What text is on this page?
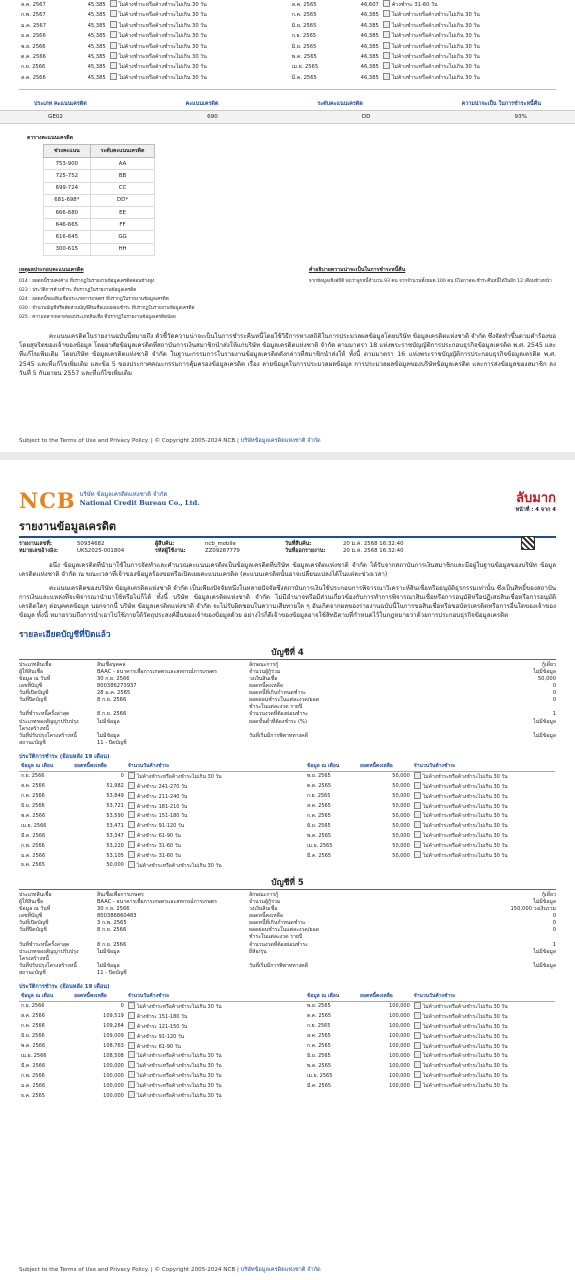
ส.ค. 2567	45,385	ไม่ค้างชำระหรือค้างชำระไม่เกิน 30 วัน		ส.ค. 2565	46,607	ค้างชำระ 31-60 วัน
ก.พ. 2567	45,385	ไม่ค้างชำระหรือค้างชำระไม่เกิน 30 วัน		ก.ค. 2565	46,385	ไม่ค้างชำระหรือค้างชำระไม่เกิน 30 วัน
ม.ค. 2567	45,385	ไม่ค้างชำระหรือค้างชำระไม่เกิน 30 วัน		มิ.ย. 2565	46,385	ไม่ค้างชำระหรือค้างชำระไม่เกิน 30 วัน
ธ.ค. 2566	45,385	ไม่ค้างชำระหรือค้างชำระไม่เกิน 30 วัน		ก.ย. 2565	46,385	ไม่ค้างชำระหรือค้างชำระไม่เกิน 30 วัน
พ.ย. 2566	45,385	ไม่ค้างชำระหรือค้างชำระไม่เกิน 30 วัน		มิ.ย. 2565	46,385	ไม่ค้างชำระหรือค้างชำระไม่เกิน 30 วัน
ต.ค. 2566	45,385	ไม่ค้างชำระหรือค้างชำระไม่เกิน 30 วัน		พ.ค. 2565	46,385	ไม่ค้างชำระหรือค้างชำระไม่เกิน 30 วัน
ก.ย. 2566	45,385	ไม่ค้างชำระหรือค้างชำระไม่เกิน 30 วัน		เม.ย. 2565	46,385	ไม่ค้างชำระหรือค้างชำระไม่เกิน 30 วัน
ส.ค. 2566	45,385	ไม่ค้างชำระหรือค้างชำระไม่เกิน 30 วัน		มี.ค. 2565	46,385	ไม่ค้างชำระหรือค้างชำระไม่เกิน 30 วัน
ประเภท คะแนนเครดิต	คะแนนเครดิต	ระดับคะแนนเครดิต	ความน่าจะเป็น ในการชำระหนี้คืน
GE02	690	DD	93%
ตารางคะแนนเครดิต
ช่วงคะแนน	ระดับคะแนนเครดิต
753-900	AA
725-752	BB
699-724	CC
681-698*	DD*
666-680	EE
646-665	FF
616-645	GG
300-615	HH
เหตุผลประกอบคะแนนเครดิต
014 : ยอดหนี้รวมคงค้าง ที่ปรากฏในรายงานข้อมูลเครดิตค่อนข้างสูง
023 : ประวัติการค้างชำระ ที่ปรากฏในรายงานข้อมูลเครดิต
024 : ยอดหนี้ของสินเชื่อประเภทการเกษตร ที่ปรากฏในรายงานข้อมูลเครดิต
030 : จำนวนบัญชีหรือสัดส่วนบัญชีสินเชื่อแบบผ่อนชำระ ที่ปรากฏในรายงานข้อมูลเครดิต
025 : ความหลากหลายของประเภทสินเชื่อ ที่ปรากฏในรายงานข้อมูลเครดิตน้อย
คำอธิบายความน่าจะเป็นในการชำระหนี้คืน
จากข้อมูลเชิงสถิติ พบว่าลูกหนี้จำนวน 93 คน จากจำนวนทั้งหมด 100 คน มีโอกาสจะชำระคืนหนี้ได้ในอีก 12 เดือนข้างหน้า

คะแนนเครดิตในรายงานฉบับนี้หมายถึง ตัวชี้วัดความน่าจะเป็นในการชำระคืนหนี้โดยใช้วิธีการทางสถิติในการประมวลผลข้อมูลโดยบริษัท ข้อมูลเครดิตแห่งชาติ จำกัด ซึ่งจัดทำขึ้นตามคำร้องขอโดยสุจริตของเจ้าของข้อมูล โดยอาศัยข้อมูลเครดิตที่สถาบันการเงินสมาชิกนำส่งให้แก่บริษัท ข้อมูลเครดิตแห่งชาติ จำกัด ตามมาตรา 18 แห่งพระราชบัญญัติการประกอบธุรกิจข้อมูลเครดิต พ.ศ. 2545 และที่แก้ไขเพิ่มเติม โดยบริษัท ข้อมูลเครดิตแห่งชาติ จำกัด ในฐานะกรรมการในรายงานข้อมูลเครดิตดังกล่าวที่สมาชิกนำส่งให้ ทั้งนี้ ตามมาตรา 16 แห่งพระราชบัญญัติการประกอบธุรกิจข้อมูลเครดิต พ.ศ. 2545 และที่แก้ไขเพิ่มเติม และข้อ 5 ของประกาศคณะกรรมการคุ้มครองข้อมูลเครดิต เรื่อง ลายข้อมูลในการประมวลผลข้อมูล การประมวลผลข้อมูลของบริษัทข้อมูลเครดิต และการส่งข้อมูลของสมาชิก ลงวันที่ 5 กันยายน 2557 และที่แก้ไขเพิ่มเติม

Subject to the Terms of Use and Privacy Policy. | © Copyright 2005-2024 NCB | บริษัทข้อมูลเครดิตแห่งชาติ จำกัด
NCB บริษัท ข้อมูลเครดิตแห่งชาติ จำกัด
National Credit Bureau Co., Ltd.	ลับมาก
หน้าที่ : 4 จาก 4
รายงานข้อมูลเครดิต
รายงานเลขที่:	50934682	ผู้สืบค้น:	ncb_mobile	วันที่สืบค้น:	20 ม.ค. 2568 16:32:40
หมายเลขอ้างอิง:	UKS2025-001804	รหัสผู้ใช้งาน:	ZZ09287779	วันที่ออกรายงาน:	20 ม.ค. 2568 16:32:40

อนึ่ง ข้อมูลเครดิตที่นำมาใช้ในการจัดทำและคำนวณคะแนนเครดิตเป็นข้อมูลเครดิตที่บริษัท ข้อมูลเครดิตแห่งชาติ จำกัด ได้รับจากสถาบันการเงินสมาชิกและมีอยู่ในฐานข้อมูลของบริษัท ข้อมูลเครดิตแห่งชาติ จำกัด ณ ขณะเวลาที่เจ้าของข้อมูลร้องขอหรือเปิดเผยคะแนนเครดิต (คะแนนเครดิตนั้นอาจเปลี่ยนแปลงได้ในแต่ละช่วงเวลา)

คะแนนเครดิตของบริษัท ข้อมูลเครดิตแห่งชาติ จำกัด เป็นเพียงปัจจัยหนึ่งในหลายปัจจัยซึ่งสถาบันการเงินใช้ประกอบการพิจารณาวิเคราะห์สินเชื่อหรืออนุมัติธุรกรรมเท่านั้น ซึ่งเป็นสิทธิ์ของสถาบันการเงินและแหล่งที่จะพิจารณานำมาใช้หรือไม่ก็ได้ ทั้งนี้ บริษัท ข้อมูลเครดิตแห่งชาติ จำกัด ไม่มีอำนาจหรือมีส่วนเกี่ยวข้องกับการทำการพิจารณาสินเชื่อหรือการอนุมัติหรือปฏิเสธสินเชื่อหรือการอนุมัติเครดิตใดๆ ต่อบุคคลข้อมูล นอกจากนี้ บริษัท ข้อมูลเครดิตแห่งชาติ จำกัด จะไม่รับผิดชอบในความเสียหายใด ๆ อันเกิดจากผลของรายงานฉบับนี้ในการขอสินเชื่อหรือขอบัตรเครดิตหรือการอื่นใดของเจ้าของข้อมูล ทั้งนี้ หมายรวมถึงการนำเอาไปใช้ภายใต้วัตถุประสงค์อื่นของเจ้าของข้อมูลด้วย อย่างไรก็ดีเจ้าของข้อมูลอาจใช้สิทธิตามที่กำหนดไว้ในกฎหมายว่าด้วยการประกอบธุรกิจข้อมูลเครดิต

รายละเอียดบัญชีที่ปิดแล้ว
บัญชีที่ 4
ประเภทสินเชื่อ	สินเชื่อบุคคล	ลักษณะการกู้	กู้เดี่ยว
ผู้ให้สินเชื่อ	BAAC - ธนาคารเพื่อการเกษตรและสหกรณ์การเกษตร	จำนวนผู้กู้ร่วม	ไม่มีข้อมูล
ข้อมูล ณ วันที่	30 ก.ย. 2566	วงเงินสินเชื่อ	50,000
เลขที่บัญชี	800386273937	ยอดหนี้คงเหลือ	0
วันที่เปิดบัญชี	28 ม.ค. 2565	ยอดหนี้ที่เกินกำหนดชำระ	0
วันที่ปิดบัญชี	8 ก.ย. 2566	ยอดผ่อนชำระในแต่ละงวด/ยอดชำระในแต่ละงวด รายปี
0
วันที่ชำระหนี้ครั้งล่าสุด	8 ก.ย. 2566	จำนวนงวดที่ต้องผ่อนชำระ	1
ประเภทของสัญญาปรับปรุงโครงสร้างหนี้
ไม่มีข้อมูล	ยอดขั้นต่ำที่ต้องชำระ (%)	ไม่มีข้อมูล
วันที่ปรับปรุงโครงสร้างหนี้	ไม่มีข้อมูล	วันที่เริ่มมีการพิพาททางคดี	ไม่มีข้อมูล
สถานะบัญชี	11 - ปิดบัญชี
ประวัติการชำระ (ย้อนหลัง 19 เดือน)
ข้อมูล ณ เดือน	ยอดหนี้คงเหลือ	จำนวนวันค้างชำระ		ข้อมูล ณ เดือน	ยอดหนี้คงเหลือ	จำนวนวันค้างชำระ
ก.ย. 2566	0	ไม่ค้างชำระหรือค้างชำระไม่เกิน 30 วัน		พ.ย. 2565	50,000	ไม่ค้างชำระหรือค้างชำระไม่เกิน 30 วัน
ส.ค. 2566	51,982	ค้างชำระ 241-270 วัน		ต.ค. 2565	50,000	ไม่ค้างชำระหรือค้างชำระไม่เกิน 30 วัน
ก.ค. 2566	53,849	ค้างชำระ 211-240 วัน		ก.ย. 2565	50,000	ไม่ค้างชำระหรือค้างชำระไม่เกิน 30 วัน
มิ.ย. 2566	53,721	ค้างชำระ 181-210 วัน		ส.ค. 2565	50,000	ไม่ค้างชำระหรือค้างชำระไม่เกิน 30 วัน
พ.ค. 2566	53,590	ค้างชำระ 151-180 วัน		ก.ค. 2565	50,000	ไม่ค้างชำระหรือค้างชำระไม่เกิน 30 วัน
เม.ย. 2566	53,471	ค้างชำระ 91-120 วัน		มิ.ย. 2565	50,000	ไม่ค้างชำระหรือค้างชำระไม่เกิน 30 วัน
มี.ค. 2566	53,347	ค้างชำระ 61-90 วัน		พ.ค. 2565	50,000	ไม่ค้างชำระหรือค้างชำระไม่เกิน 30 วัน
ก.พ. 2566	53,220	ค้างชำระ 31-60 วัน		เม.ย. 2565	50,000	ไม่ค้างชำระหรือค้างชำระไม่เกิน 30 วัน
ม.ค. 2566	53,105	ค้างชำระ 31-60 วัน		มี.ค. 2565	50,000	ไม่ค้างชำระหรือค้างชำระไม่เกิน 30 วัน
ธ.ค. 2565	50,000	ไม่ค้างชำระหรือค้างชำระไม่เกิน 30 วัน				
บัญชีที่ 5
ประเภทสินเชื่อ	สินเชื่อเพื่อการเกษตร	ลักษณะการกู้	กู้เดี่ยว
ผู้ให้สินเชื่อ	BAAC - ธนาคารเพื่อการเกษตรและสหกรณ์การเกษตร	จำนวนผู้กู้ร่วม	ไม่มีข้อมูล
ข้อมูล ณ วันที่	30 ก.ย. 2566	วงเงินสินเชื่อ	150,000 วงเงินรวม
เลขที่บัญชี	800386860483	ยอดหนี้คงเหลือ	0
วันที่เปิดบัญชี	3 ก.พ. 2565	ยอดหนี้ที่เกินกำหนดชำระ	0
วันที่ปิดบัญชี	8 ก.ย. 2566	ยอดผ่อนชำระในแต่ละงวด/ยอดชำระในแต่ละงวด รายปี
0
วันที่ชำระหนี้ครั้งล่าสุด	8 ก.ย. 2566	จำนวนงวดที่ต้องผ่อนชำระ	1
ประเภทของสัญญาปรับปรุงโครงสร้างหนี้
ไม่มีข้อมูล	ยี่ห้อ/รุ่น	ไม่มีข้อมูล
วันที่ปรับปรุงโครงสร้างหนี้	ไม่มีข้อมูล	วันที่เริ่มมีการพิพาททางคดี	ไม่มีข้อมูล
สถานะบัญชี	11 - ปิดบัญชี
ประวัติการชำระ (ย้อนหลัง 19 เดือน)
ข้อมูล ณ เดือน	ยอดหนี้คงเหลือ	จำนวนวันค้างชำระ		ข้อมูล ณ เดือน	ยอดหนี้คงเหลือ	จำนวนวันค้างชำระ
ก.ย. 2566	0	ไม่ค้างชำระหรือค้างชำระไม่เกิน 30 วัน		พ.ย. 2565	100,000	ไม่ค้างชำระหรือค้างชำระไม่เกิน 30 วัน
ส.ค. 2566	109,519	ค้างชำระ 151-180 วัน		ต.ค. 2565	100,000	ไม่ค้างชำระหรือค้างชำระไม่เกิน 30 วัน
ก.ค. 2566	109,264	ค้างชำระ 121-150 วัน		ก.ย. 2565	100,000	ไม่ค้างชำระหรือค้างชำระไม่เกิน 30 วัน
มิ.ย. 2566	109,009	ค้างชำระ 91-120 วัน		ส.ค. 2565	100,000	ไม่ค้างชำระหรือค้างชำระไม่เกิน 30 วัน
พ.ค. 2566	108,763	ค้างชำระ 61-90 วัน		ก.ค. 2565	100,000	ไม่ค้างชำระหรือค้างชำระไม่เกิน 30 วัน
เม.ย. 2566	108,508	ไม่ค้างชำระหรือค้างชำระไม่เกิน 30 วัน		มิ.ย. 2565	100,000	ไม่ค้างชำระหรือค้างชำระไม่เกิน 30 วัน
มี.ค. 2566	100,000	ไม่ค้างชำระหรือค้างชำระไม่เกิน 30 วัน		พ.ค. 2565	100,000	ไม่ค้างชำระหรือค้างชำระไม่เกิน 30 วัน
ก.พ. 2566	100,000	ไม่ค้างชำระหรือค้างชำระไม่เกิน 30 วัน		เม.ย. 2565	100,000	ไม่ค้างชำระหรือค้างชำระไม่เกิน 30 วัน
ม.ค. 2566	100,000	ไม่ค้างชำระหรือค้างชำระไม่เกิน 30 วัน		มี.ค. 2565	100,000	ไม่ค้างชำระหรือค้างชำระไม่เกิน 30 วัน
ธ.ค. 2565	100,000	ไม่ค้างชำระหรือค้างชำระไม่เกิน 30 วัน				
Subject to the Terms of Use and Privacy Policy. | © Copyright 2005-2024 NCB | บริษัทข้อมูลเครดิตแห่งชาติ จำกัด
